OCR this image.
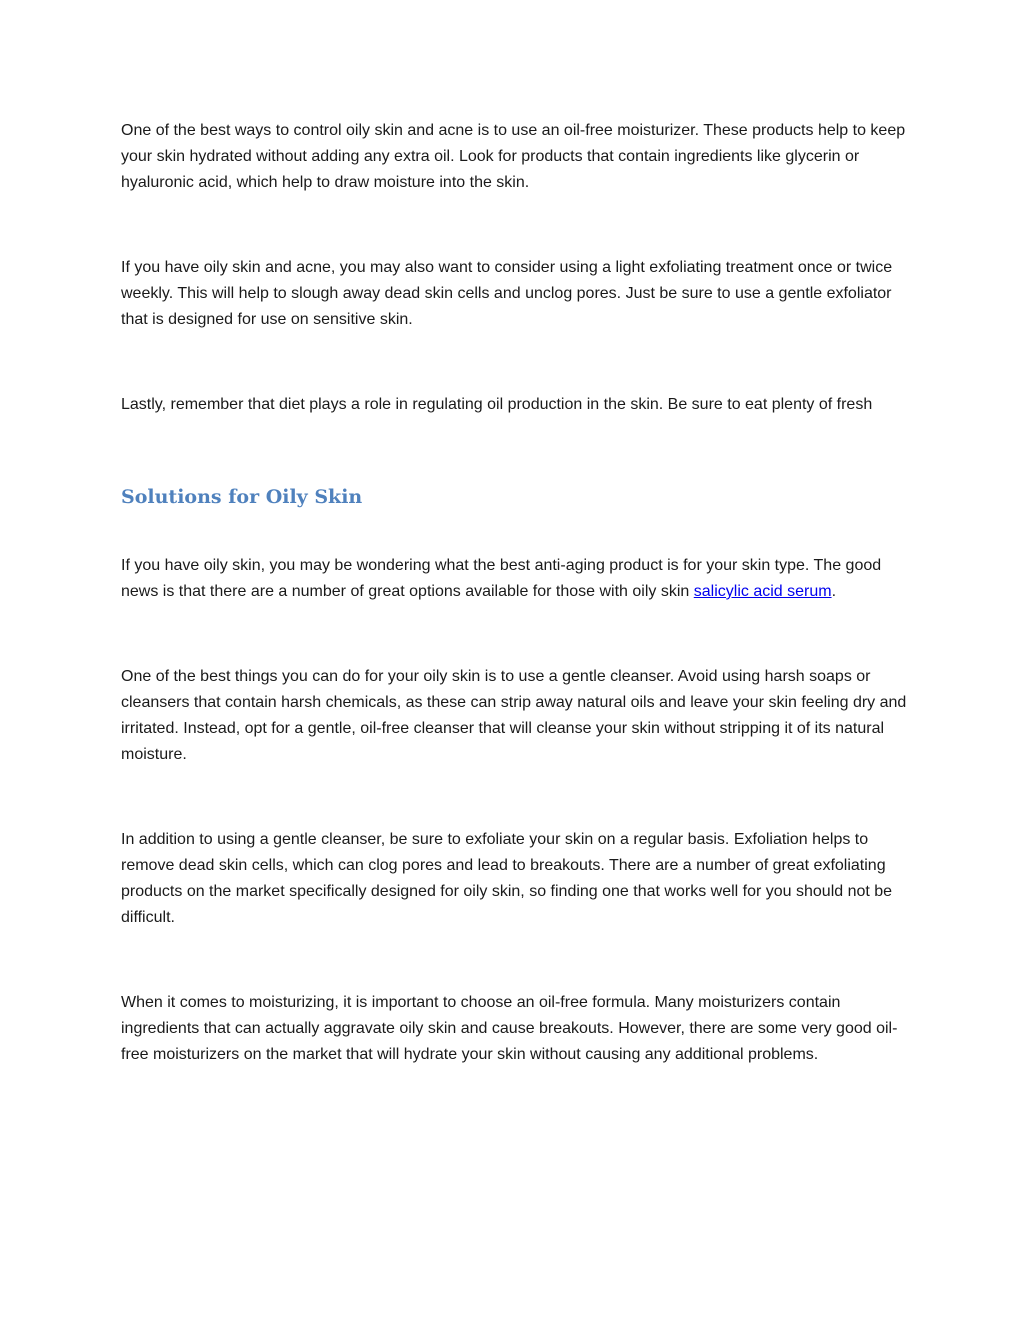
One of the best ways to control oily skin and acne is to use an oil-free moisturizer. These products help to keep your skin hydrated without adding any extra oil. Look for products that contain ingredients like glycerin or hyaluronic acid, which help to draw moisture into the skin.

If you have oily skin and acne, you may also want to consider using a light exfoliating treatment once or twice weekly. This will help to slough away dead skin cells and unclog pores. Just be sure to use a gentle exfoliator that is designed for use on sensitive skin.

Lastly, remember that diet plays a role in regulating oil production in the skin. Be sure to eat plenty of fresh

Solutions for Oily Skin

If you have oily skin, you may be wondering what the best anti-aging product is for your skin type. The good news is that there are a number of great options available for those with oily skin salicylic acid serum.

One of the best things you can do for your oily skin is to use a gentle cleanser. Avoid using harsh soaps or cleansers that contain harsh chemicals, as these can strip away natural oils and leave your skin feeling dry and irritated. Instead, opt for a gentle, oil-free cleanser that will cleanse your skin without stripping it of its natural moisture.

In addition to using a gentle cleanser, be sure to exfoliate your skin on a regular basis. Exfoliation helps to remove dead skin cells, which can clog pores and lead to breakouts. There are a number of great exfoliating products on the market specifically designed for oily skin, so finding one that works well for you should not be difficult.

When it comes to moisturizing, it is important to choose an oil-free formula. Many moisturizers contain ingredients that can actually aggravate oily skin and cause breakouts. However, there are some very good oil-free moisturizers on the market that will hydrate your skin without causing any additional problems.
